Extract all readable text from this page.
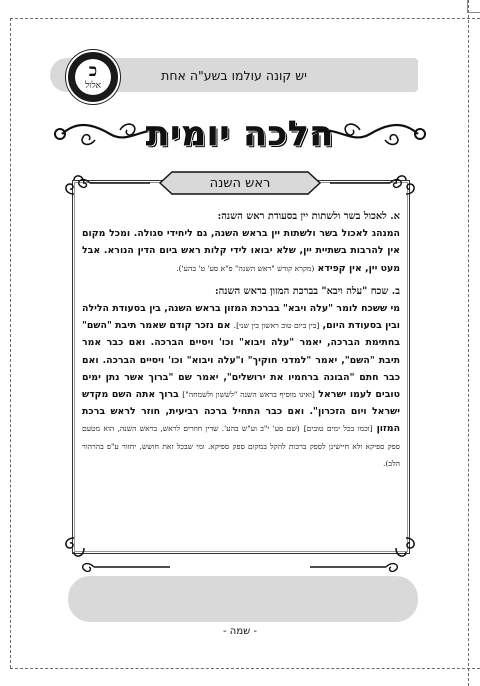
יש קונה עולמו בשע"ה אחת
כ
אלול
הלכה יומית
ראש השנה
א. לאכול בשר ולשתות יין בסעודת ראש השנה:
המנהג לאכול בשר ולשתות יין בראש השנה, גם ליחידי סגולה. ומכל מקום אין להרבות בשתיית יין, שלא יבואו לידי קלות ראש ביום הדין הנורא. אבל מעט יין, אין קפידא (מקרא קודש "ראש השנה" פ"א סע' ט' בהע').
ב. שכח "עלה ויבא" בברכת המזון בראש השנה:
מי ששכח לומר "עלה ויבא" בברכת המזון בראש השנה, בין בסעודת הלילה ובין בסעודת היום, [בין ביום טוב ראשון בין שני]. אם נזכר קודם שאמר תיבת "השם" בחתימת הברכה, יאמר "עלה ויבוא" וכו' ויסיים הברכה. ואם כבר אמר תיבת "השם", יאמר "למדני חוקיך" ו"עלה ויבוא" וכו' ויסיים הברכה. ואם כבר חתם "הבונה ברחמיו את ירושלים", יאמר שם "ברוך אשר נתן ימים טובים לעמו ישראל [ואינו מוסיף בראש השנה "לששון ולשמחה"] ברוך אתה השם מקדש ישראל ויום הזכרון". ואם כבר התחיל ברכה רביעית, חוזר לראש ברכת המזון [וכמו בכל ימים טובים] (שם סע' י"ב וע"ש בהע'. שדין חוזרים לראש, בראש השנה, הוא מטעם ספק ספיקא ולא חיישינן לספק ברכות להקל במקום ספק ספיקא. ומי שבכל זאת חושש, יחזור ע"פ בהרהור הלב).
- שמה -
